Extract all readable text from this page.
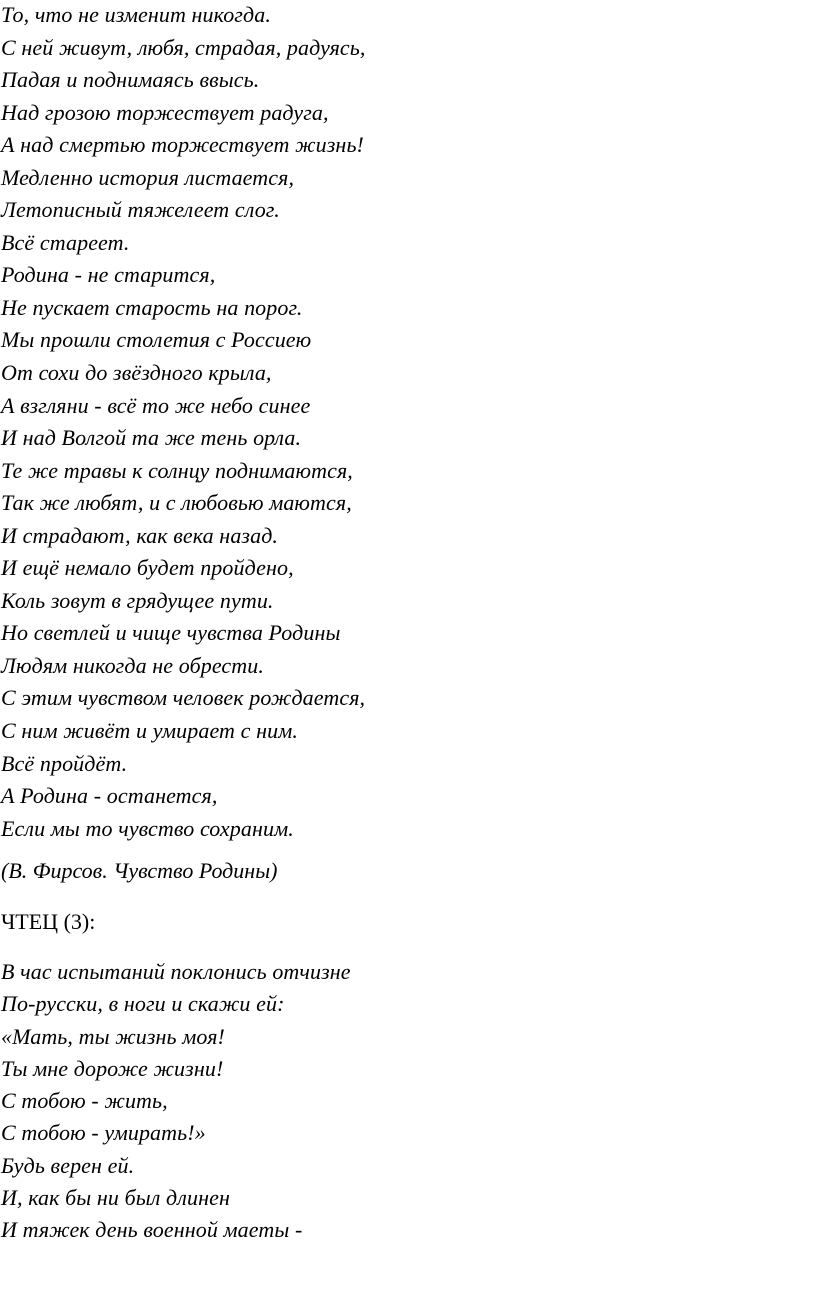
То, что не изменит никогда.
С ней живут, любя, страдая, радуясь,
Падая и поднимаясь ввысь.
Над грозою торжествует радуга,
А над смертью торжествует жизнь!
Медленно история листается,
Летописный тяжелеет слог.
Всё стареет.
Родина - не старится,
Не пускает старость на порог.
Мы прошли столетия с Россиею
От сохи до звёздного крыла,
А взгляни - всё то же небо синее
И над Волгой та же тень орла.
Те же травы к солнцу поднимаются,
Так же любят, и с любовью маются,
И страдают, как века назад.
И ещё немало будет пройдено,
Коль зовут в грядущее пути.
Но светлей и чище чувства Родины
Людям никогда не обрести.
С этим чувством человек рождается,
С ним живёт и умирает с ним.
Всё пройдёт.
А Родина - останется,
Если мы то чувство сохраним.
(В. Фирсов. Чувство Родины)
ЧТЕЦ (3):
В час испытаний поклонись отчизне
По-русски, в ноги и скажи ей:
«Мать, ты жизнь моя!
Ты мне дороже жизни!
С тобою - жить,
С тобою - умирать!»
Будь верен ей.
И, как бы ни был длинен
И тяжек день военной маеты -
